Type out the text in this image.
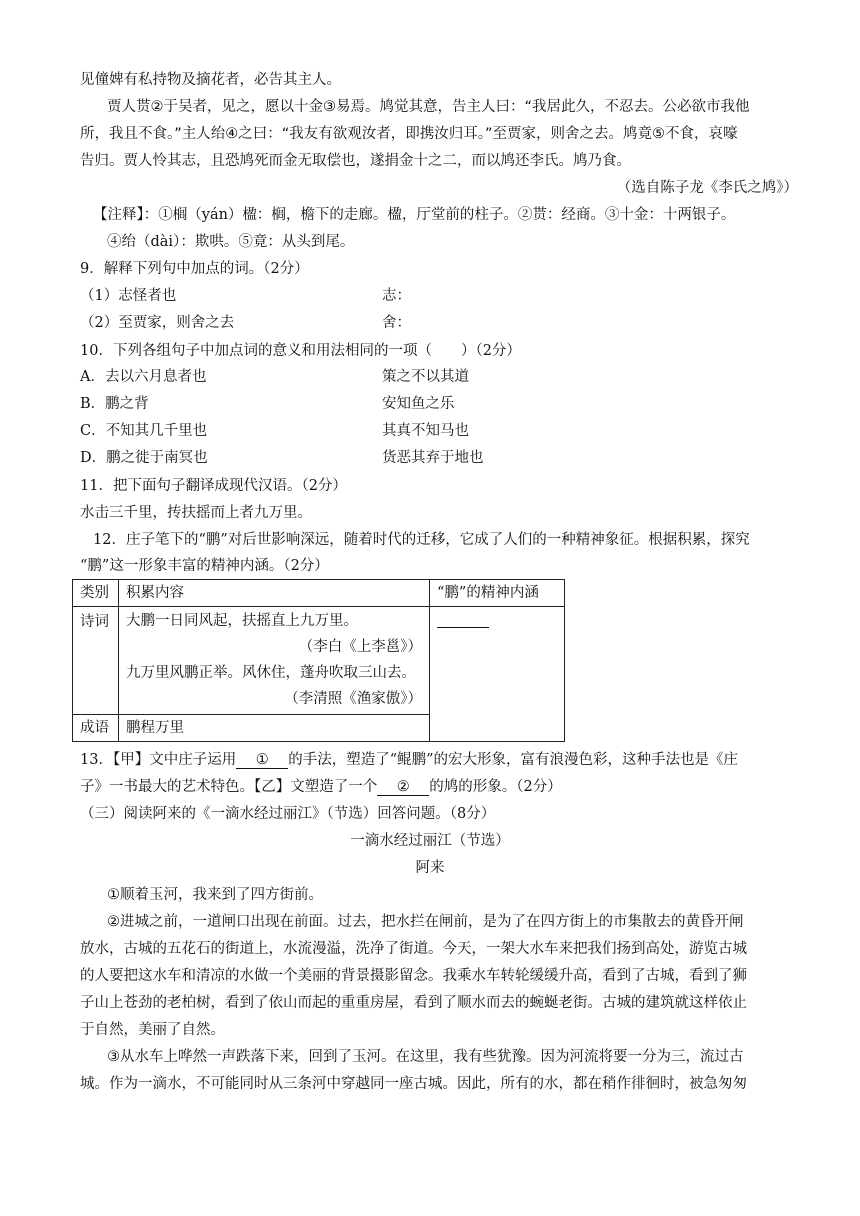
见僮婢有私持物及摘花者，必告其主人。
贾人贳②于吴者，见之，愿以十金③易焉。鸠觉其意，告主人曰：“我居此久，不忍去。公必欲市我他
所，我且不食。”主人绐④之曰：“我友有欲观汝者，即携汝归耳。”至贾家，则舍之去。鸠竟⑤不食，哀嚎
告归。贾人怜其志，且恐鸠死而金无取偿也，遂捐金十之二，而以鸠还李氏。鸠乃食。
（选自陈子龙《李氏之鸠》）
【注释】：①榈（yán）楹：榈，檐下的走廊。楹，厅堂前的柱子。②贳：经商。③十金：十两银子。
④绐（dài）：欺哄。⑤竟：从头到尾。
9．解释下列句中加点的词。（2分）
（1）志怪者也	志：
（2）至贾家，则舍之去	舍：
10．下列各组句子中加点词的意义和用法相同的一项（　　）（2分）
A．去以六月息者也	策之不以其道
B．鹏之背	安知鱼之乐
C．不知其几千里也	其真不知马也
D．鹏之徙于南冥也	货恶其弃于地也
11．把下面句子翻译成现代汉语。（2分）
水击三千里，抟扶摇而上者九万里。
12．庄子笔下的“鹏”对后世影响深远，随着时代的迁移，它成了人们的一种精神象征。根据积累，探究
“鹏”这一形象丰富的精神内涵。（2分）
类别	积累内容	“鹏”的精神内涵
诗词	大鹏一日同风起，扶摇直上九万里。
（李白《上李邕》）
九万里风鹏正举。风休住，蓬舟吹取三山去。
（李清照《渔家傲》）	

成语	鹏程万里	
13．【甲】文中庄子运用 ① 的手法，塑造了“鲲鹏”的宏大形象，富有浪漫色彩，这种手法也是《庄
子》一书最大的艺术特色。【乙】文塑造了一个 ② 的鸠的形象。（2分）
（三）阅读阿来的《一滴水经过丽江》（节选）回答问题。（8分）
一滴水经过丽江（节选）
阿来
①顺着玉河，我来到了四方街前。
②进城之前，一道闸口出现在前面。过去，把水拦在闸前，是为了在四方街上的市集散去的黄昏开闸
放水，古城的五花石的街道上，水流漫溢，洗净了街道。今天，一架大水车来把我们扬到高处，游览古城
的人要把这水车和清凉的水做一个美丽的背景摄影留念。我乘水车转轮缓缓升高，看到了古城，看到了狮
子山上苍劲的老柏树，看到了依山而起的重重房屋，看到了顺水而去的蜿蜒老街。古城的建筑就这样依止
于自然，美丽了自然。
③从水车上哗然一声跌落下来，回到了玉河。在这里，我有些犹豫。因为河流将要一分为三，流过古
城。作为一滴水，不可能同时从三条河中穿越同一座古城。因此，所有的水，都在稍作徘徊时，被急匆匆
